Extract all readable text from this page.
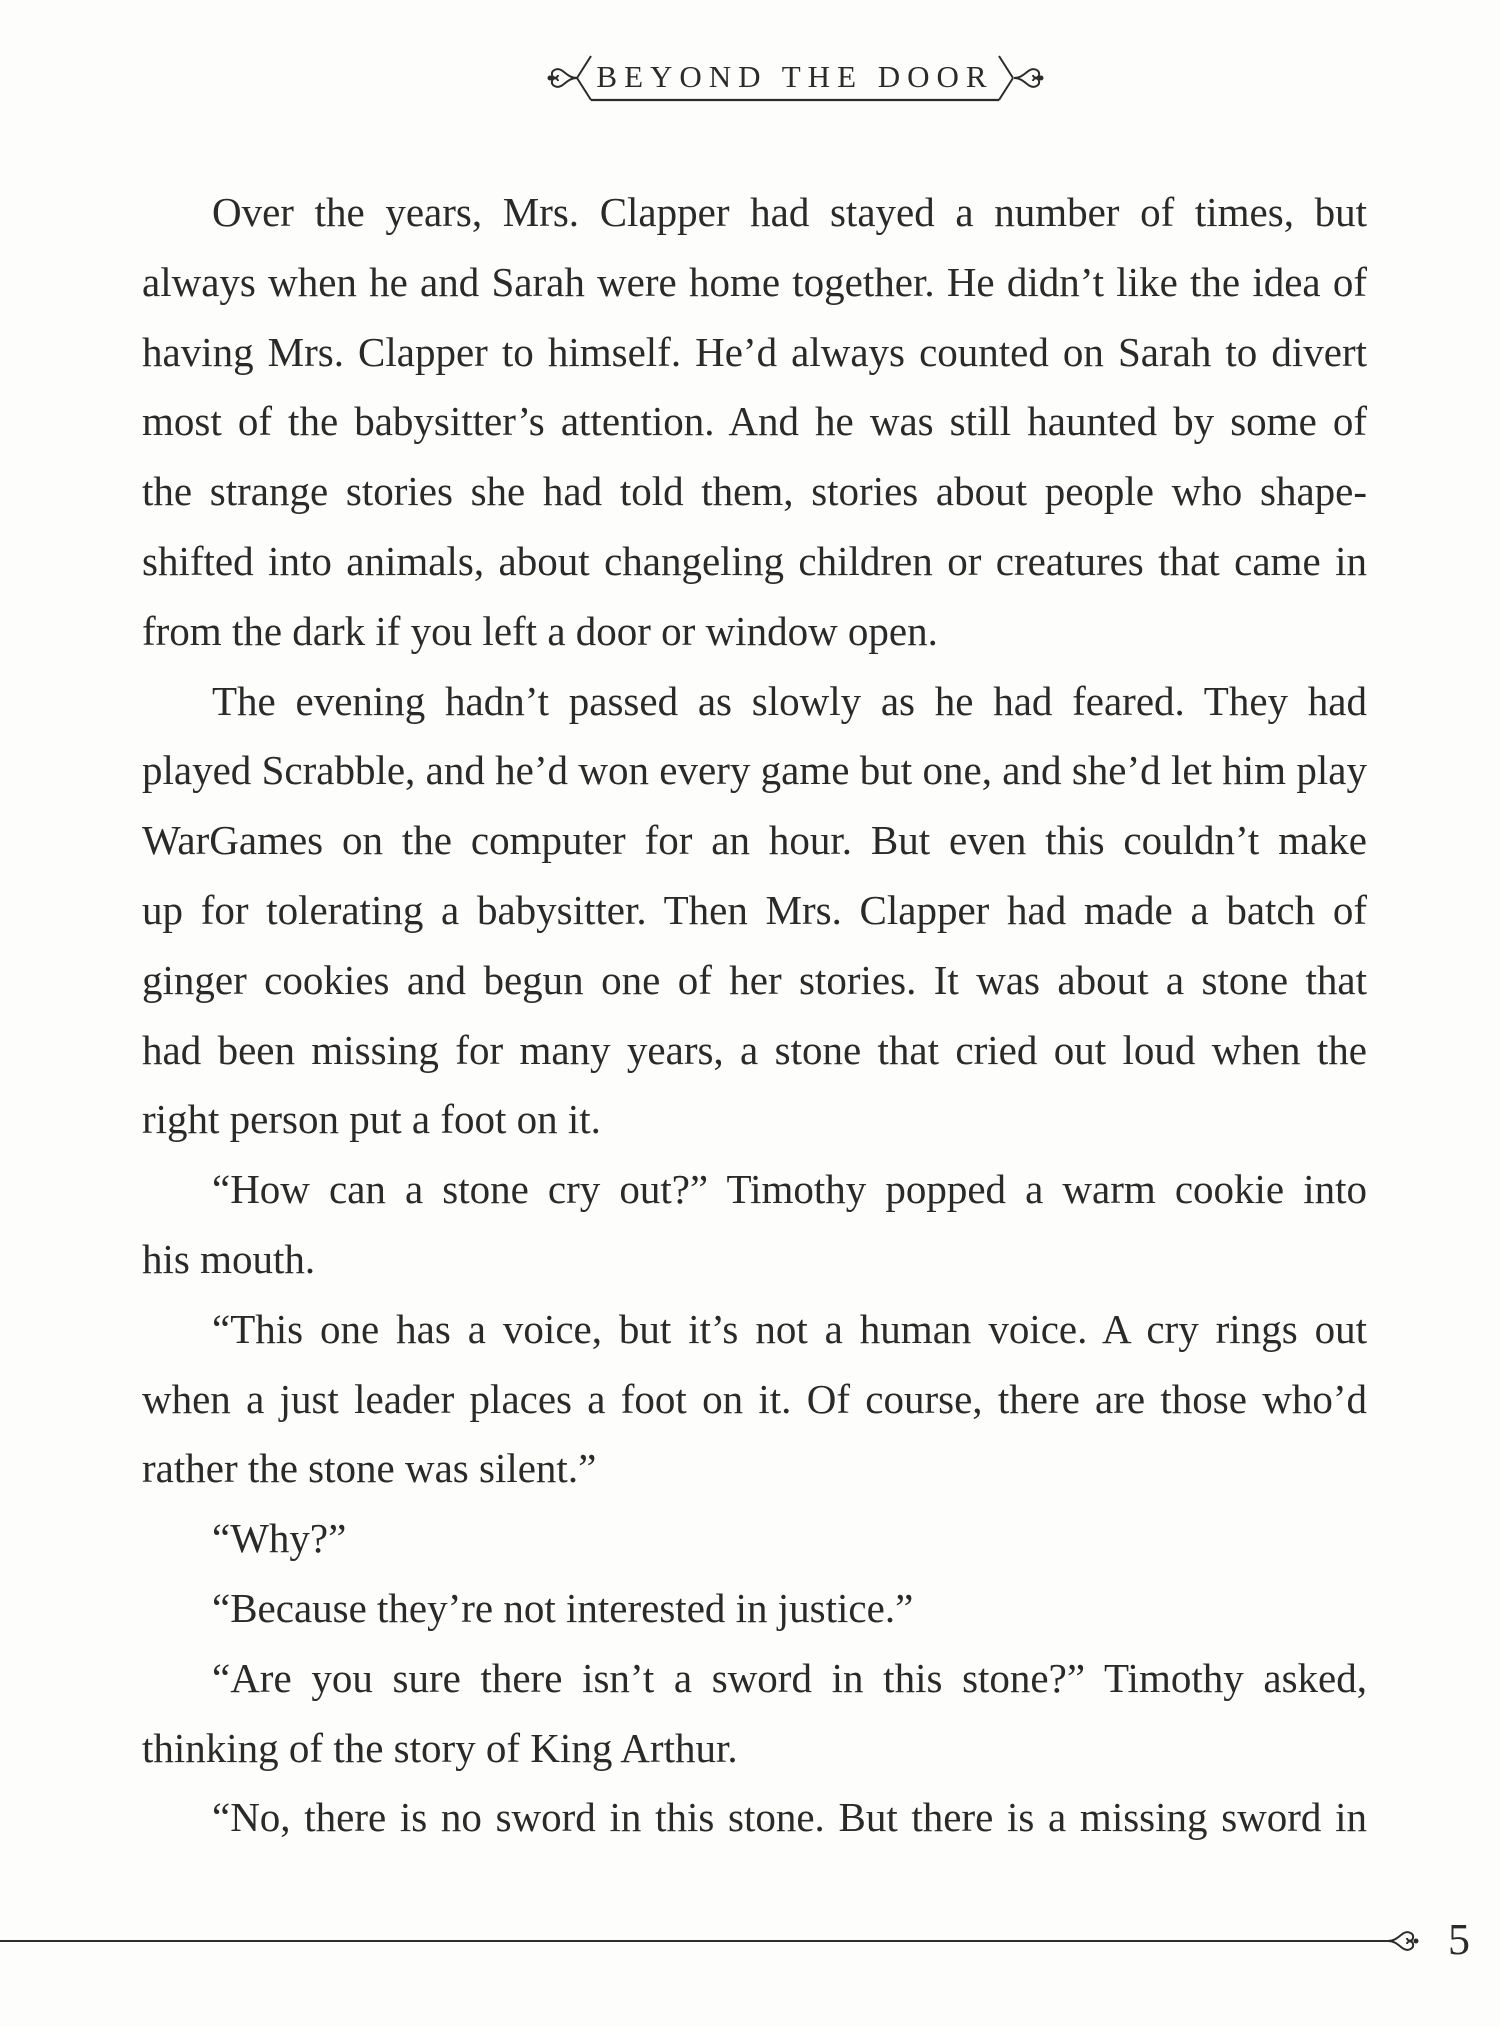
BEYOND THE DOOR
Over the years, Mrs. Clapper had stayed a number of times, but
always when he and Sarah were home together. He didn’t like the idea of
having Mrs. Clapper to himself. He’d always counted on Sarah to divert
most of the babysitter’s attention. And he was still haunted by some of
the strange stories she had told them, stories about people who shape-
shifted into animals, about changeling children or creatures that came in
from the dark if you left a door or window open.
The evening hadn’t passed as slowly as he had feared. They had
played Scrabble, and he’d won every game but one, and she’d let him play
WarGames on the computer for an hour. But even this couldn’t make
up for tolerating a babysitter. Then Mrs. Clapper had made a batch of
ginger cookies and begun one of her stories. It was about a stone that
had been missing for many years, a stone that cried out loud when the
right person put a foot on it.
“How can a stone cry out?” Timothy popped a warm cookie into
his mouth.
“This one has a voice, but it’s not a human voice. A cry rings out
when a just leader places a foot on it. Of course, there are those who’d
rather the stone was silent.”
“Why?”
“Because they’re not interested in justice.”
“Are you sure there isn’t a sword in this stone?” Timothy asked,
thinking of the story of King Arthur.
“No, there is no sword in this stone. But there is a missing sword in
5
